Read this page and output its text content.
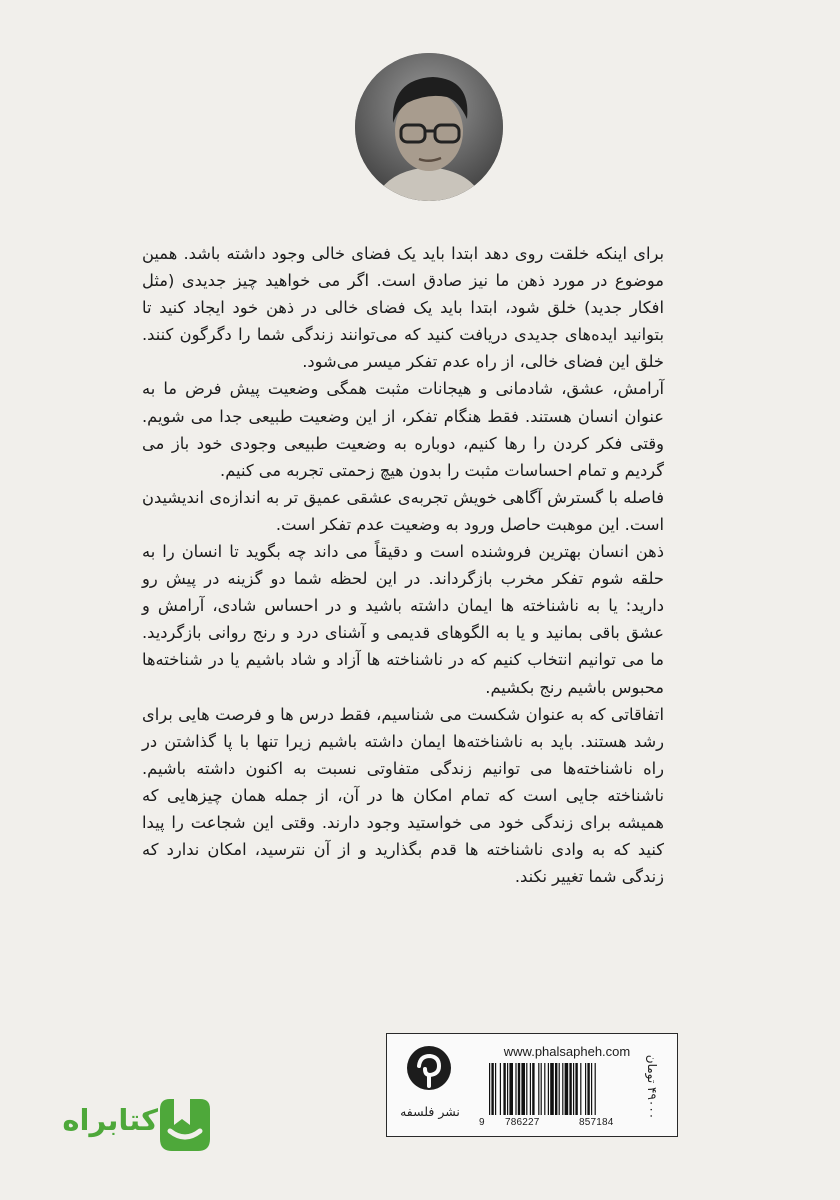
برای اینکه خلقت روی دهد ابتدا باید یک فضای خالی وجود داشته باشد. همین موضوع در مورد ذهن ما نیز صادق است. اگر می خواهید چیز جدیدی (مثل افکار جدید) خلق شود، ابتدا باید یک فضای خالی در ذهن خود ایجاد کنید تا بتوانید ایده‌های جدیدی دریافت کنید که می‌توانند زندگی شما را دگرگون کنند. خلق این فضای خالی، از راه عدم تفکر میسر می‌شود.

آرامش، عشق، شادمانی و هیجانات مثبت همگی وضعیت پیش فرض ما به عنوان انسان هستند. فقط هنگام تفکر، از این وضعیت طبیعی جدا می شویم. وقتی فکر کردن را رها کنیم، دوباره به وضعیت طبیعی وجودی خود باز می گردیم و تمام احساسات مثبت را بدون هیچ زحمتی تجربه می کنیم.

فاصله با گسترش آگاهی خویش تجربه‌ی عشقی عمیق تر به اندازه‌ی اندیشیدن است. این موهبت حاصل ورود به وضعیت عدم تفکر است.

ذهن انسان بهترین فروشنده است و دقیقاً می داند چه بگوید تا انسان را به حلقه شوم تفکر مخرب بازگرداند. در این لحظه شما دو گزینه در پیش رو دارید: یا به ناشناخته ها ایمان داشته باشید و در احساس شادی، آرامش و عشق باقی بمانید و یا به الگوهای قدیمی و آشنای درد و رنج روانی بازگردید. ما می توانیم انتخاب کنیم که در ناشناخته ها آزاد و شاد باشیم یا در شناخته‌ها محبوس باشیم رنج بکشیم.

اتفاقاتی که به عنوان شکست می شناسیم، فقط درس ها و فرصت هایی برای رشد هستند. باید به ناشناخته‌ها ایمان داشته باشیم زیرا تنها با پا گذاشتن در راه ناشناخته‌ها می توانیم زندگی متفاوتی نسبت به اکنون داشته باشیم. ناشناخته جایی است که تمام امکان ها در آن، از جمله همان چیزهایی که همیشه برای زندگی خود می خواستید وجود دارند. وقتی این شجاعت را پیدا کنید که به وادی ناشناخته ها قدم بگذارید و از آن نترسید، امکان ندارد که زندگی شما تغییر نکند.

نشر فلسفه
www.phalsapheh.com
9 786227	857184
۴۹۰۰۰ تومان
کتابراه
